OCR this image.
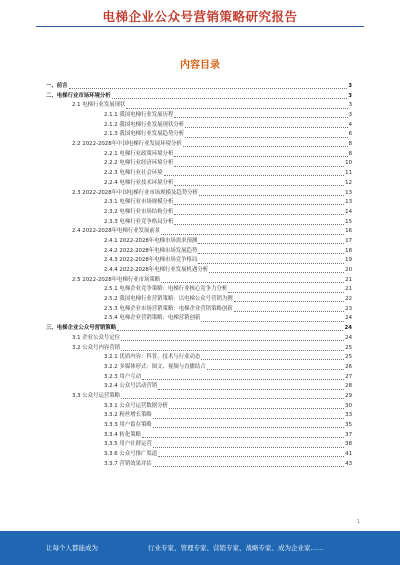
电梯企业公众号营销策略研究报告
内容目录
一、前言	3
二、电梯行业市场环境分析	3
2.1 电梯行业发展现状	3
2.1.1 我国电梯行业发展历程	3
2.1.2 我国电梯行业发展现状分析	4
2.1.3 我国电梯行业发展趋势分析	6
2.2 2022-2028年中国电梯行业发展环境分析	8
2.2.1 电梯行业政策环境分析	8
2.2.2 电梯行业经济环境分析	10
2.2.3 电梯行业社会环境	11
2.2.4 电梯行业技术环境分析	12
2.3 2022-2028年中国电梯行业市场规模及趋势分析	13
2.3.1 电梯行业市场规模分析	13
2.3.2 电梯行业市场结构分析	14
2.3.3 电梯行业竞争格局分析	15
2.4 2022-2028年电梯行业发展前景	16
2.4.1 2022-2028年电梯市场需求预测	17
2.4.2 2022-2028年电梯市场发展趋势	18
2.4.3 2022-2028年电梯市场竞争格局	19
2.4.4 2022-2028年电梯行业发展机遇分析	20
2.5 2022-2028年电梯行业市场策略	21
2.5.1 电梯企业竞争策略：电梯行业核心竞争力分析	21
2.5.2 我国电梯行业营销策略：以电梯公众号营销为例	22
2.5.3 电梯企业市场营销策略：电梯企业营销策略创新	23
2.5.4 电梯企业营销策略：电梯营销创新	24
三、电梯企业公众号营销策略	24
3.1 企业公众号定位	24
3.2 公众号内容营销	25
3.2.1 优质内容：科普、技术与行业动态	25
3.2.2 多媒体形式：图文、视频与直播结合	26
3.2.3 用户互动	27
3.2.4 公众号活动营销	28
3.3 公众号运营策略	29
3.3.1 公众号运营数据分析	30
3.3.2 粉丝增长策略	33
3.3.3 用户留存策略	35
3.3.4 转化策略	37
3.3.5 用户社群运营	38
3.3.6 公众号推广渠道	41
3.3.7 营销效果评估	43
1
让每个人都能成为	行业专家、管理专家、营销专家、战略专家、成为企业家……
